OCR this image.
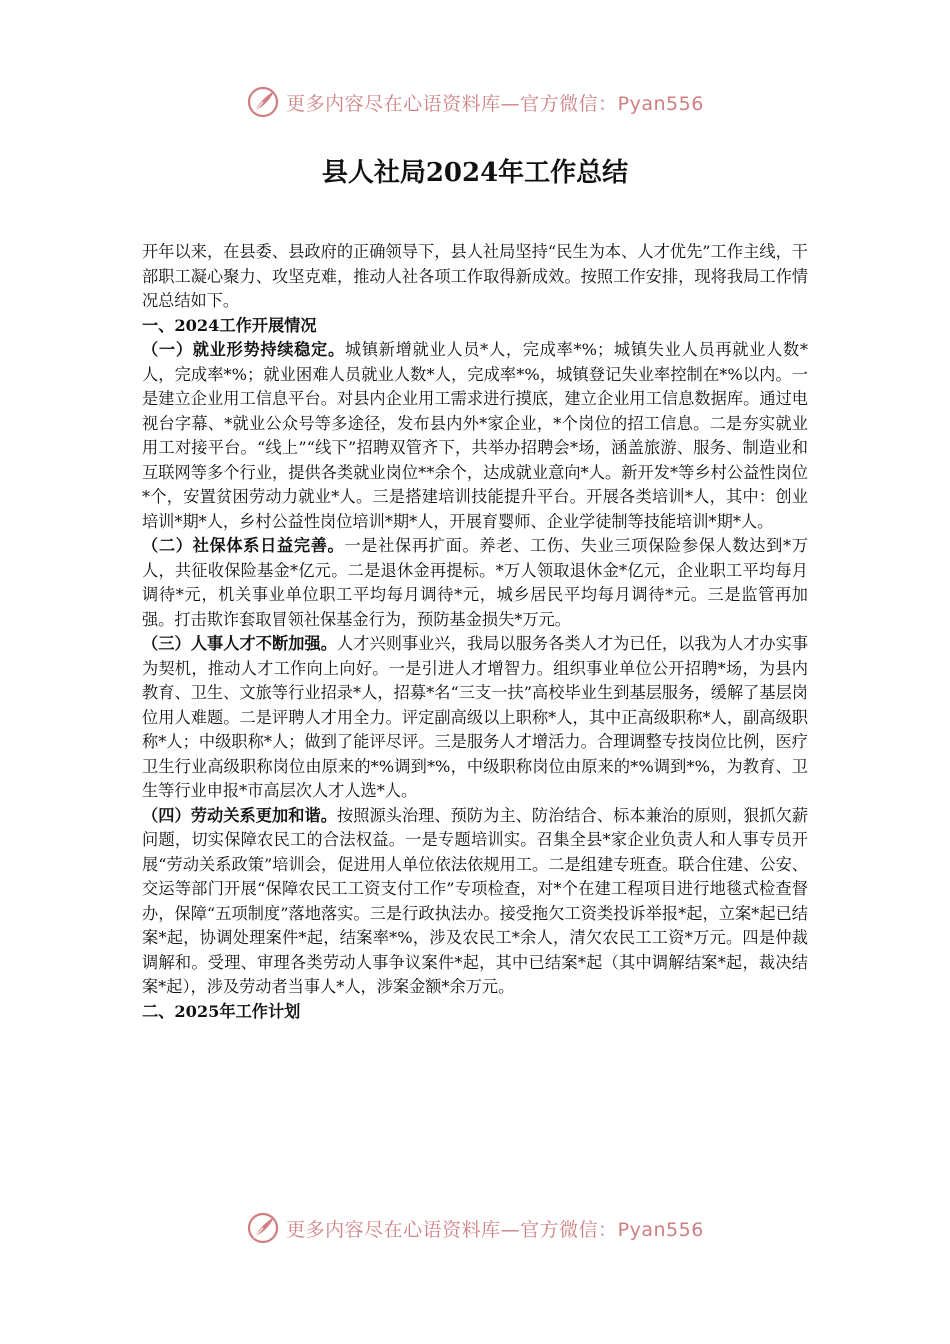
更多内容尽在心语资料库—官方微信：Pyan556
县人社局2024年工作总结

开年以来，在县委、县政府的正确领导下，县人社局坚持“民生为本、人才优先”工作主线，干部职工凝心聚力、攻坚克难，推动人社各项工作取得新成效。按照工作安排，现将我局工作情况总结如下。

一、2024工作开展情况

（一）就业形势持续稳定。城镇新增就业人员*人，完成率*%；城镇失业人员再就业人数*人，完成率*%；就业困难人员就业人数*人，完成率*%，城镇登记失业率控制在*%以内。一是建立企业用工信息平台。对县内企业用工需求进行摸底，建立企业用工信息数据库。通过电视台字幕、*就业公众号等多途径，发布县内外*家企业，*个岗位的招工信息。二是夯实就业用工对接平台。“线上”“线下”招聘双管齐下，共举办招聘会*场，涵盖旅游、服务、制造业和互联网等多个行业，提供各类就业岗位**余个，达成就业意向*人。新开发*等乡村公益性岗位*个，安置贫困劳动力就业*人。三是搭建培训技能提升平台。开展各类培训*人，其中：创业培训*期*人，乡村公益性岗位培训*期*人，开展育婴师、企业学徒制等技能培训*期*人。

（二）社保体系日益完善。一是社保再扩面。养老、工伤、失业三项保险参保人数达到*万人，共征收保险基金*亿元。二是退休金再提标。*万人领取退休金*亿元，企业职工平均每月调待*元，机关事业单位职工平均每月调待*元，城乡居民平均每月调待*元。三是监管再加强。打击欺诈套取冒领社保基金行为，预防基金损失*万元。

（三）人事人才不断加强。人才兴则事业兴，我局以服务各类人才为已任，以我为人才办实事为契机，推动人才工作向上向好。一是引进人才增智力。组织事业单位公开招聘*场，为县内教育、卫生、文旅等行业招录*人，招募*名“三支一扶”高校毕业生到基层服务，缓解了基层岗位用人难题。二是评聘人才用全力。评定副高级以上职称*人，其中正高级职称*人，副高级职称*人；中级职称*人；做到了能评尽评。三是服务人才增活力。合理调整专技岗位比例，医疗卫生行业高级职称岗位由原来的*%调到*%，中级职称岗位由原来的*%调到*%，为教育、卫生等行业申报*市高层次人才人选*人。

（四）劳动关系更加和谐。按照源头治理、预防为主、防治结合、标本兼治的原则，狠抓欠薪问题，切实保障农民工的合法权益。一是专题培训实。召集全县*家企业负责人和人事专员开展“劳动关系政策”培训会，促进用人单位依法依规用工。二是组建专班查。联合住建、公安、交运等部门开展“保障农民工工资支付工作”专项检查，对*个在建工程项目进行地毯式检查督办，保障“五项制度”落地落实。三是行政执法办。接受拖欠工资类投诉举报*起，立案*起已结案*起，协调处理案件*起，结案率*%，涉及农民工*余人，清欠农民工工资*万元。四是仲裁调解和。受理、审理各类劳动人事争议案件*起，其中已结案*起（其中调解结案*起，裁决结案*起），涉及劳动者当事人*人，涉案金额*余万元。

二、2025年工作计划

更多内容尽在心语资料库—官方微信：Pyan556
